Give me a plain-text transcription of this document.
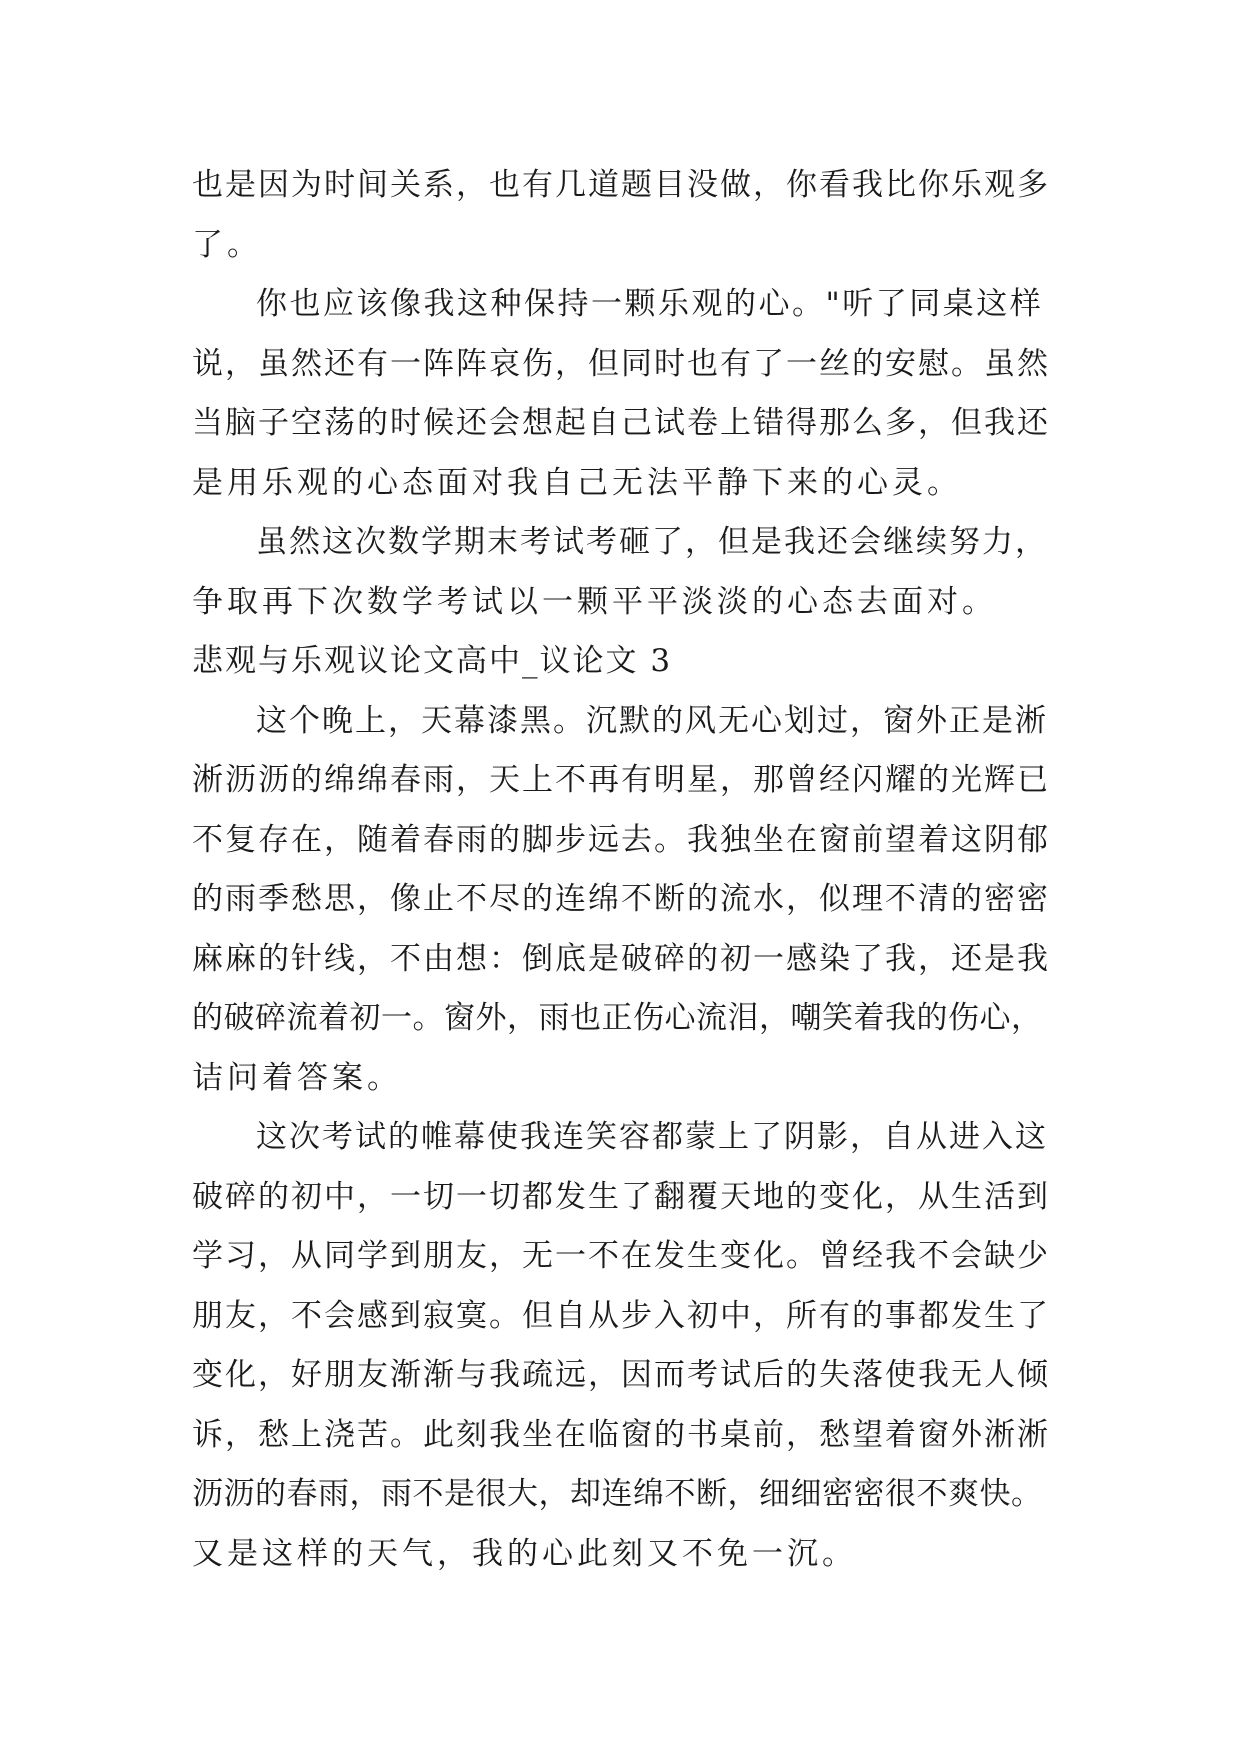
也是因为时间关系，也有几道题目没做，你看我比你乐观多
了。
你也应该像我这种保持一颗乐观的心。"听了同桌这样
说，虽然还有一阵阵哀伤，但同时也有了一丝的安慰。虽然
当脑子空荡的时候还会想起自己试卷上错得那么多，但我还
是用乐观的心态面对我自己无法平静下来的心灵。
虽然这次数学期末考试考砸了，但是我还会继续努力，
争取再下次数学考试以一颗平平淡淡的心态去面对。
悲观与乐观议论文高中_议论文 3
这个晚上，天幕漆黑。沉默的风无心划过，窗外正是淅
淅沥沥的绵绵春雨，天上不再有明星，那曾经闪耀的光辉已
不复存在，随着春雨的脚步远去。我独坐在窗前望着这阴郁
的雨季愁思，像止不尽的连绵不断的流水，似理不清的密密
麻麻的针线，不由想：倒底是破碎的初一感染了我，还是我
的破碎流着初一。窗外，雨也正伤心流泪，嘲笑着我的伤心，
诘问着答案。
这次考试的帷幕使我连笑容都蒙上了阴影，自从进入这
破碎的初中，一切一切都发生了翻覆天地的变化，从生活到
学习，从同学到朋友，无一不在发生变化。曾经我不会缺少
朋友，不会感到寂寞。但自从步入初中，所有的事都发生了
变化，好朋友渐渐与我疏远，因而考试后的失落使我无人倾
诉，愁上浇苦。此刻我坐在临窗的书桌前，愁望着窗外淅淅
沥沥的春雨，雨不是很大，却连绵不断，细细密密很不爽快。
又是这样的天气，我的心此刻又不免一沉。
